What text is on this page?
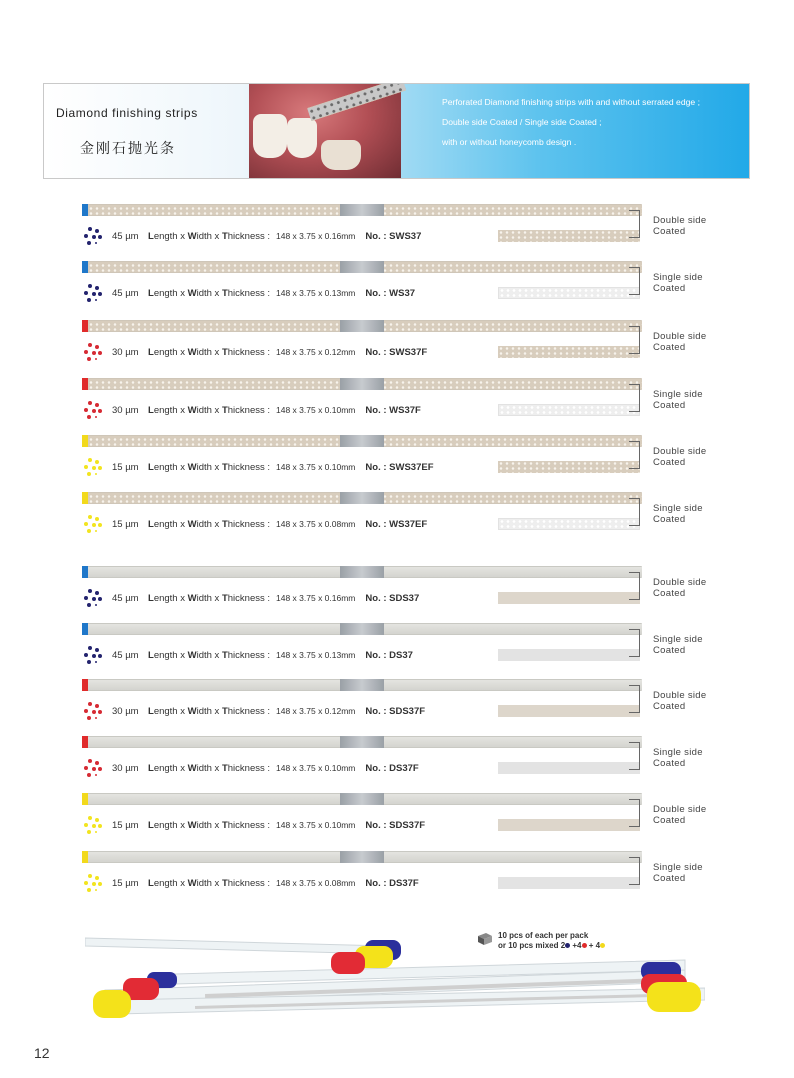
Diamond finishing strips
金刚石抛光条
Perforated Diamond finishing strips with and without serrated edge ;
Double side Coated / Single side Coated ;
with or without honeycomb design .
45 µm Length x Width x Thickness : 148 x 3.75 x 0.16mm No. : SWS37
45 µm Length x Width x Thickness : 148 x 3.75 x 0.13mm No. : WS37
30 µm Length x Width x Thickness : 148 x 3.75 x 0.12mm No. : SWS37F
30 µm Length x Width x Thickness : 148 x 3.75 x 0.10mm No. : WS37F
15 µm Length x Width x Thickness : 148 x 3.75 x 0.10mm No. : SWS37EF
15 µm Length x Width x Thickness : 148 x 3.75 x 0.08mm No. : WS37EF
45 µm Length x Width x Thickness : 148 x 3.75 x 0.16mm No. : SDS37
45 µm Length x Width x Thickness : 148 x 3.75 x 0.13mm No. : DS37
30 µm Length x Width x Thickness : 148 x 3.75 x 0.12mm No. : SDS37F
30 µm Length x Width x Thickness : 148 x 3.75 x 0.10mm No. : DS37F
15 µm Length x Width x Thickness : 148 x 3.75 x 0.10mm No. : SDS37F
15 µm Length x Width x Thickness : 148 x 3.75 x 0.08mm No. : DS37F
10 pcs of each per pack
or 10 pcs mixed 2 +4 + 4
12
Double side
Coated
Single side
Coated
Double side
Coated
Single side
Coated
Double side
Coated
Single side
Coated
Double side
Coated
Single side
Coated
Double side
Coated
Single side
Coated
Double side
Coated
Single side
Coated
